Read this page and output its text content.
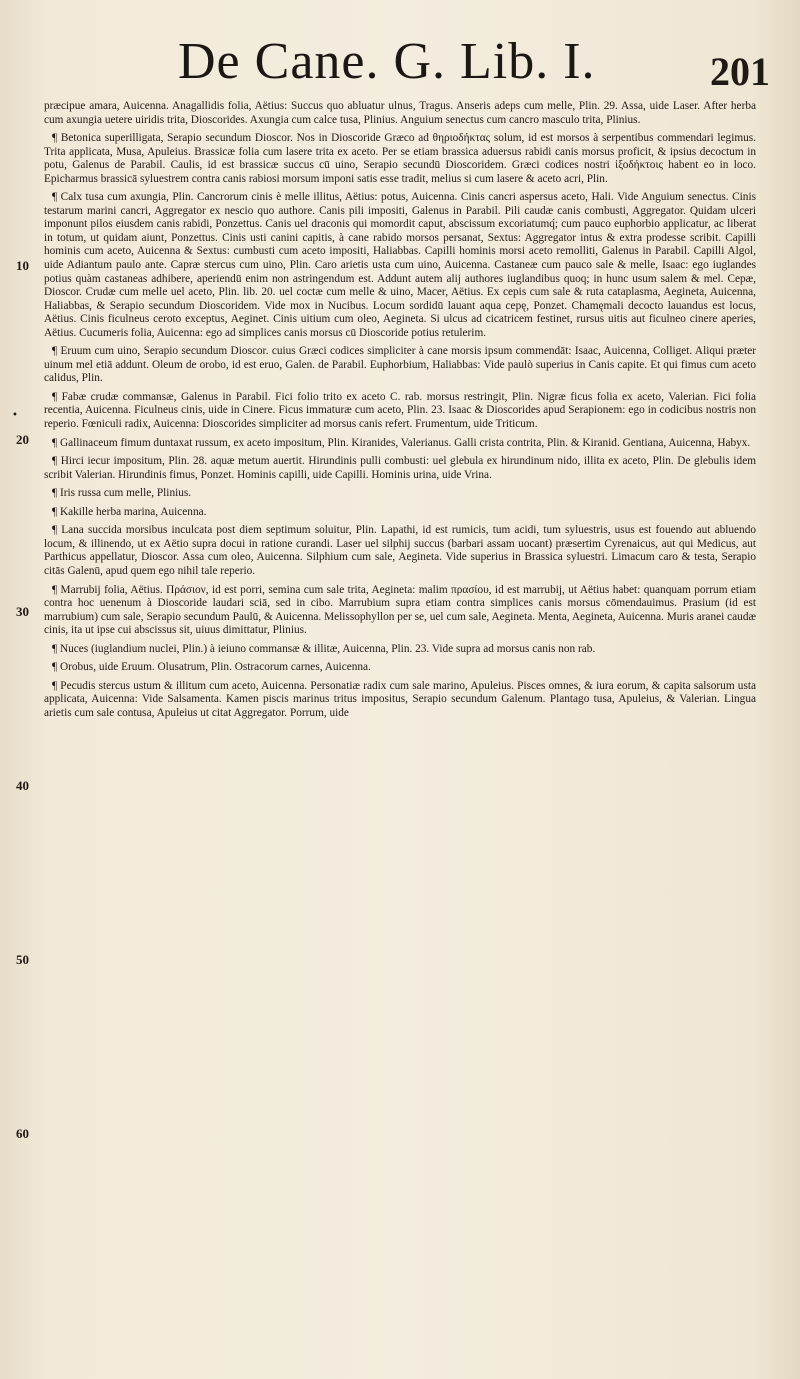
De Cane. G. Lib. I.	201
10
20
30
40
50
60
•

præcipue amara, Auicenna. Anagallidis folia, Aëtius: Succus quo abluatur ulnus, Tragus. Anseris adeps cum melle, Plin. 29. Assa, uide Laser. After herba cum axungia uetere uiridis trita, Dioscorides. Axungia cum calce tusa, Plinius. Anguium senectus cum cancro masculo trita, Plinius.

¶ Betonica superilligata, Serapio secundum Dioscor. Nos in Dioscoride Græco ad θηριοδήκτας solum, id est morsos à serpentibus commendari legimus. Trita applicata, Musa, Apuleius. Brassicæ folia cum lasere trita ex aceto. Per se etiam brassica aduersus rabidi canis morsus proficit, & ipsius decoctum in potu, Galenus de Parabil. Caulis, id est brassicæ succus cū uino, Serapio secundū Dioscoridem. Græci codices nostri ἰξοδήκτοις habent eo in loco. Epicharmus brassicā syluestrem contra canis rabiosi morsum imponi satis esse tradit, melius si cum lasere & aceto acri, Plin.

¶ Calx tusa cum axungia, Plin. Cancrorum cinis è melle illitus, Aëtius: potus, Auicenna. Cinis cancri aspersus aceto, Hali. Vide Anguium senectus. Cinis testarum marini cancri, Aggregator ex nescio quo authore. Canis pili impositi, Galenus in Parabil. Pili caudæ canis combusti, Aggregator. Quidam ulceri imponunt pilos eiusdem canis rabidi, Ponzettus. Canis uel draconis qui momordit caput, abscissum excoriatumq́; cum pauco euphorbio applicatur, ac liberat in totum, ut quidam aiunt, Ponzettus. Cinis usti canini capitis, à cane rabido morsos persanat, Sextus: Aggregator intus & extra prodesse scribit. Capilli hominis cum aceto, Auicenna & Sextus: cumbusti cum aceto impositi, Haliabbas. Capilli hominis morsi aceto remolliti, Galenus in Parabil. Capilli Algol, uide Adiantum paulo ante. Capræ stercus cum uino, Plin. Caro arietis usta cum uino, Auicenna. Castaneæ cum pauco sale & melle, Isaac: ego iuglandes potius quàm castaneas adhibere, aperiendū enim non astringendum est. Addunt autem alij authores iuglandibus quoq; in hunc usum salem & mel. Cepæ, Dioscor. Crudæ cum melle uel aceto, Plin. lib. 20. uel coctæ cum melle & uino, Macer, Aëtius. Ex cepis cum sale & ruta cataplasma, Aegineta, Auicenna, Haliabbas, & Serapio secundum Dioscoridem. Vide mox in Nucibus. Locum sordidū lauant aqua cepę, Ponzet. Chamęmali decocto lauandus est locus, Aëtius. Cinis ficulneus ceroto exceptus, Aeginet. Cinis uitium cum oleo, Aegineta. Si ulcus ad cicatricem festinet, rursus uitis aut ficulneo cinere aperies, Aëtius. Cucumeris folia, Auicenna: ego ad simplices canis morsus cū Dioscoride potius retulerim.

¶ Eruum cum uino, Serapio secundum Dioscor. cuius Græci codices simpliciter à cane morsis ipsum commendāt: Isaac, Auicenna, Colliget. Aliqui præter uinum mel etiā addunt. Oleum de orobo, id est eruo, Galen. de Parabil. Euphorbium, Haliabbas: Vide paulò superius in Canis capite. Et qui fimus cum aceto calidus, Plin.

¶ Fabæ crudæ commansæ, Galenus in Parabil. Fici folio trito ex aceto C. rab. morsus restringit, Plin. Nigræ ficus folia ex aceto, Valerian. Fici folia recentia, Auicenna. Ficulneus cinis, uide in Cinere. Ficus immaturæ cum aceto, Plin. 23. Isaac & Dioscorides apud Serapionem: ego in codicibus nostris non reperio. Fœniculi radix, Auicenna: Dioscorides simpliciter ad morsus canis refert. Frumentum, uide Triticum.

¶ Gallinaceum fimum duntaxat russum, ex aceto impositum, Plin. Kiranides, Valerianus. Galli crista contrita, Plin. & Kiranid. Gentiana, Auicenna, Habyx.

¶ Hirci iecur impositum, Plin. 28. aquæ metum auertit. Hirundinis pulli combusti: uel glebula ex hirundinum nido, illita ex aceto, Plin. De glebulis idem scribit Valerian. Hirundinis fimus, Ponzet. Hominis capilli, uide Capilli. Hominis urina, uide Vrina.

¶ Iris russa cum melle, Plinius.

¶ Kakille herba marina, Auicenna.

¶ Lana succida morsibus inculcata post diem septimum soluitur, Plin. Lapathi, id est rumicis, tum acidi, tum syluestris, usus est fouendo aut abluendo locum, & illinendo, ut ex Aëtio supra docui in ratione curandi. Laser uel silphij succus (barbari assam uocant) præsertim Cyrenaicus, aut qui Medicus, aut Parthicus appellatur, Dioscor. Assa cum oleo, Auicenna. Silphium cum sale, Aegineta. Vide superius in Brassica syluestri. Limacum caro & testa, Serapio citās Galenū, apud quem ego nihil tale reperio.

¶ Marrubij folia, Aëtius. Πράσιον, id est porri, semina cum sale trita, Aegineta: malim πρασίου, id est marrubij, ut Aëtius habet: quanquam porrum etiam contra hoc uenenum à Dioscoride laudari sciā, sed in cibo. Marrubium supra etiam contra simplices canis morsus cōmendauimus. Prasium (id est marrubium) cum sale, Serapio secundum Paulū, & Auicenna. Melissophyllon per se, uel cum sale, Aegineta. Menta, Aegineta, Auicenna. Muris aranei caudæ cinis, ita ut ipse cui abscissus sit, uiuus dimittatur, Plinius.

¶ Nuces (iuglandium nuclei, Plin.) à ieiuno commansæ & illitæ, Auicenna, Plin. 23. Vide supra ad morsus canis non rab.

¶ Orobus, uide Eruum. Olusatrum, Plin. Ostracorum carnes, Auicenna.

¶ Pecudis stercus ustum & illitum cum aceto, Auicenna. Personatiæ radix cum sale marino, Apuleius. Pisces omnes, & iura eorum, & capita salsorum usta applicata, Auicenna: Vide Salsamenta. Kamen piscis marinus tritus impositus, Serapio secundum Galenum. Plantago tusa, Apuleius, & Valerian. Lingua arietis cum sale contusa, Apuleius ut citat Aggregator. Porrum, uide
